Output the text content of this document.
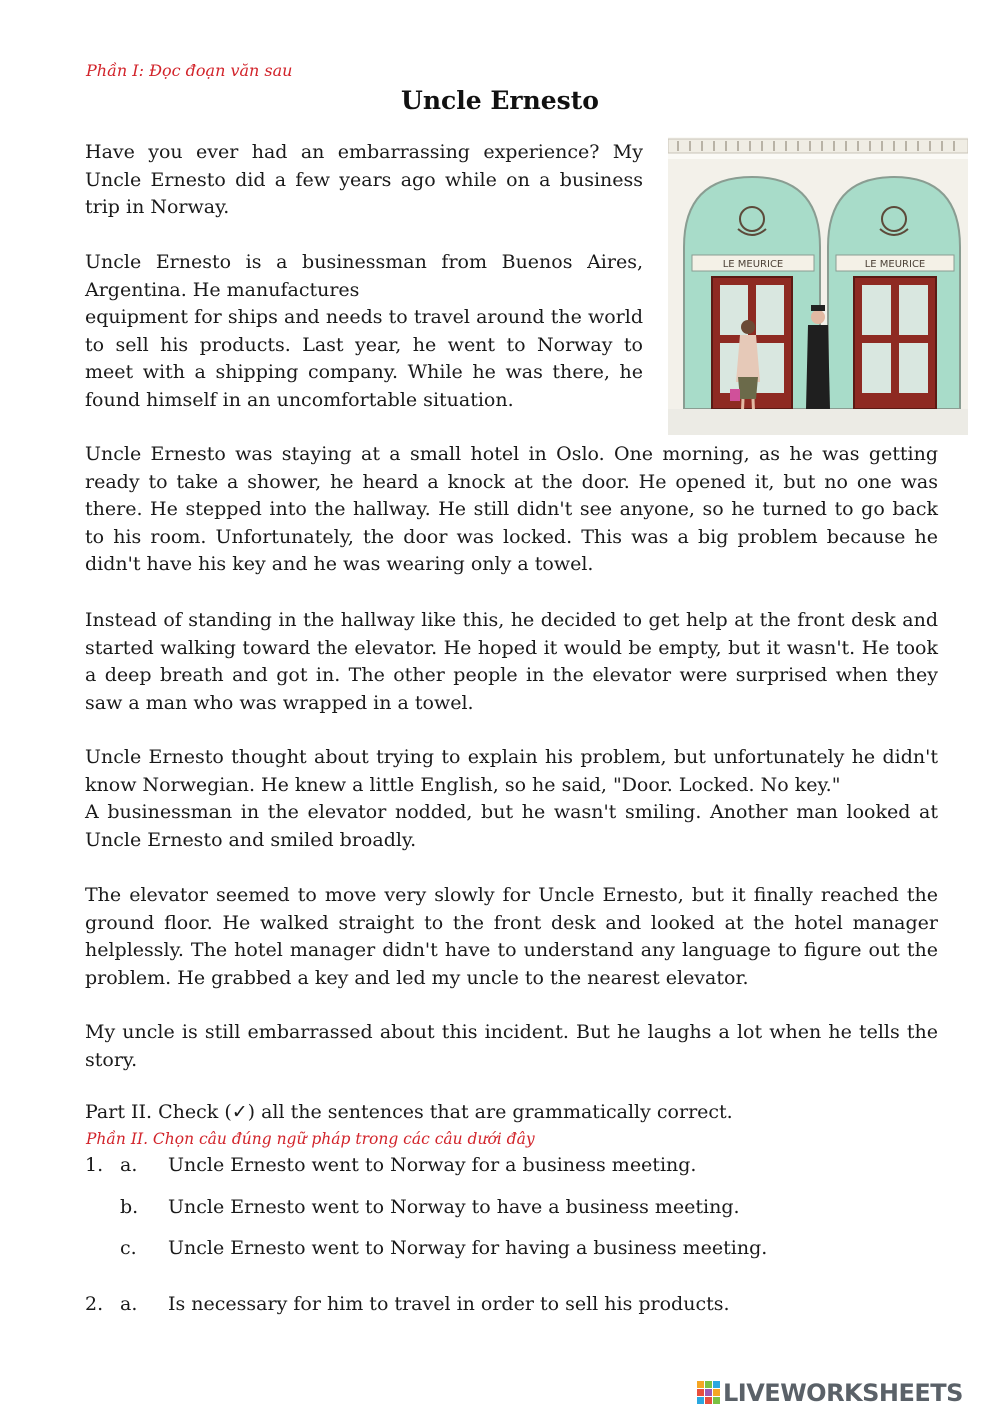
Phần I: Đọc đoạn văn sau
Uncle Ernesto

Have you ever had an embarrassing experience? My Uncle Ernesto did a few years ago while on a business trip in Norway.

Uncle Ernesto is a businessman from Buenos Aires, Argentina. He manufactures

equipment for ships and needs to travel around the world to sell his products. Last year, he went to Norway to meet with a shipping company. While he was there, he found himself in an uncomfortable situation.

LE MEURICE	LE MEURICE

Uncle Ernesto was staying at a small hotel in Oslo. One morning, as he was getting ready to take a shower, he heard a knock at the door. He opened it, but no one was there. He stepped into the hallway. He still didn't see anyone, so he turned to go back to his room. Unfortunately, the door was locked. This was a big problem because he didn't have his key and he was wearing only a towel.

Instead of standing in the hallway like this, he decided to get help at the front desk and started walking toward the elevator. He hoped it would be empty, but it wasn't. He took a deep breath and got in. The other people in the elevator were surprised when they saw a man who was wrapped in a towel.

Uncle Ernesto thought about trying to explain his problem, but unfortunately he didn't know Norwegian. He knew a little English, so he said, "Door. Locked. No key."

A businessman in the elevator nodded, but he wasn't smiling. Another man looked at Uncle Ernesto and smiled broadly.

The elevator seemed to move very slowly for Uncle Ernesto, but it finally reached the ground floor. He walked straight to the front desk and looked at the hotel manager helplessly. The hotel manager didn't have to understand any language to figure out the problem. He grabbed a key and led my uncle to the nearest elevator.

My uncle is still embarrassed about this incident. But he laughs a lot when he tells the story.

Part II. Check (✓) all the sentences that are grammatically correct.
Phần II. Chọn câu đúng ngữ pháp trong các câu dưới đây
1. a. Uncle Ernesto went to Norway for a business meeting.
b. Uncle Ernesto went to Norway to have a business meeting.
c. Uncle Ernesto went to Norway for having a business meeting.
2. a. Is necessary for him to travel in order to sell his products.
LIVEWORKSHEETS
